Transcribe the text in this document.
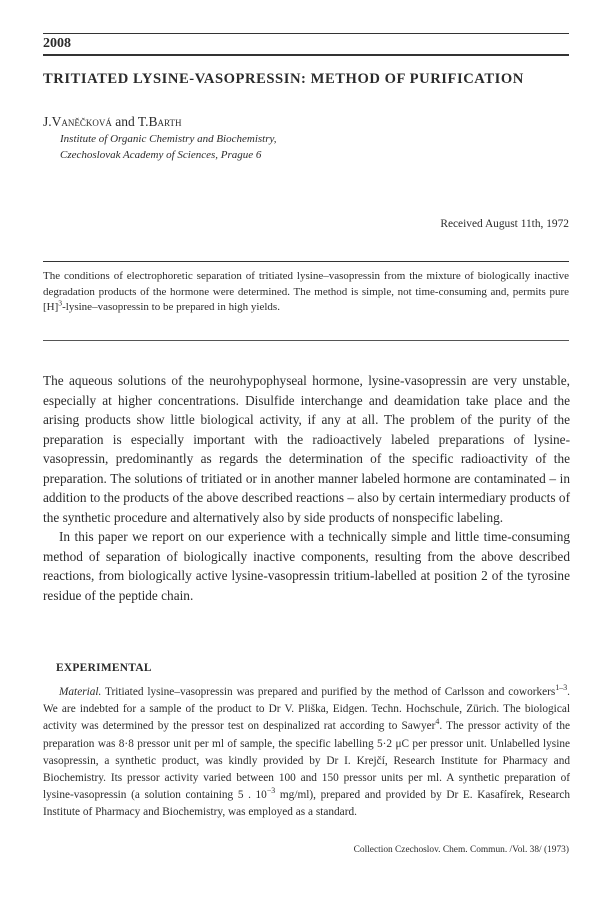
2008
TRITIATED LYSINE-VASOPRESSIN: METHOD OF PURIFICATION
J.Vaněčková and T.Barth
Institute of Organic Chemistry and Biochemistry,
Czechoslovak Academy of Sciences, Prague 6
Received August 11th, 1972
The conditions of electrophoretic separation of tritiated lysine–vasopressin from the mixture of biologically inactive degradation products of the hormone were determined. The method is simple, not time-consuming and, permits pure $[H]^3-lysine$–vasopressin to be prepared in high yields.

The aqueous solutions of the neurohypophyseal hormone, lysine-vasopressin are very unstable, especially at higher concentrations. Disulfide interchange and deamidation take place and the arising products show little biological activity, if any at all. The problem of the purity of the preparation is especially important with the radioactively labeled preparations of lysine-vasopressin, predominantly as regards the determination of the specific radioactivity of the preparation. The solutions of tritiated or in another manner labeled hormone are contaminated – in addition to the products of the above described reactions – also by certain intermediary products of the synthetic procedure and alternatively also by side products of nonspecific labeling.

In this paper we report on our experience with a technically simple and little time-consuming method of separation of biologically inactive components, resulting from the above described reactions, from biologically active lysine-vasopressin tritium-labelled at position 2 of the tyrosine residue of the peptide chain.

EXPERIMENTAL

Material. Tritiated lysine–vasopressin was prepared and purified by the method of Carlsson and coworkers$^{1-3}$. We are indebted for a sample of the product to Dr V. Pliška, Eidgen. Techn. Hochschule, Zürich. The biological activity was determined by the pressor test on despinalized rat according to Sawyer$^4$. The pressor activity of the preparation was 8·8 pressor unit per ml of sample, the specific labelling 5·2 μC per pressor unit. Unlabelled lysine vasopressin, a synthetic product, was kindly provided by Dr I. Krejčí, Research Institute for Pharmacy and Biochemistry. Its pressor activity varied between 100 and 150 pressor units per ml. A synthetic preparation of lysine-vasopressin (a solution containing 5 . $10^{-3}$ mg/ml), prepared and provided by Dr E. Kasafírek, Research Institute of Pharmacy and Biochemistry, was employed as a standard.

Collection Czechoslov. Chem. Commun. /Vol. 38/ (1973)
